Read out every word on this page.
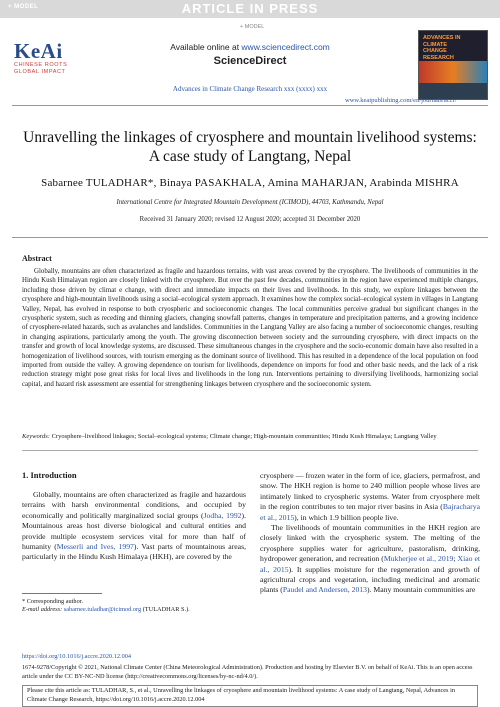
+ MODEL	ARTICLE IN PRESS
+ MODEL
KeAi
CHINESE ROOTS
GLOBAL IMPACT
Available online at www.sciencedirect.com
ScienceDirect
Advances in Climate Change Research xxx (xxxx) xxx
ADVANCES IN
CLIMATE
CHANGE
RESEARCH
www.keaipublishing.com/en/journals/accr/
Unravelling the linkages of cryosphere and mountain livelihood systems: A case study of Langtang, Nepal
Sabarnee TULADHAR*, Binaya PASAKHALA, Amina MAHARJAN, Arabinda MISHRA
International Centre for Integrated Mountain Development (ICIMOD), 44703, Kathmandu, Nepal
Received 31 January 2020; revised 12 August 2020; accepted 31 December 2020
Abstract
Globally, mountains are often characterized as fragile and hazardous terrains, with vast areas covered by the cryosphere. The livelihoods of communities in the Hindu Kush Himalayan region are closely linked with the cryosphere. But over the past few decades, communities in the region have experienced multiple changes, including those driven by climat e change, with direct and immediate impacts on their lives and livelihoods. In this study, we explore linkages between the cryosphere and high-mountain livelihoods using a social–ecological system approach. It examines how the complex social–ecological system in villages in Langtang Valley, Nepal, has evolved in response to both cryospheric and socioeconomic changes. The local communities perceive gradual but significant changes in the cryospheric system, such as receding and thinning glaciers, changing snowfall patterns, changes in temperature and precipitation patterns, and a growing incidence of cryosphere-related hazards, such as avalanches and landslides. Communities in the Langtang Valley are also facing a number of socioeconomic changes, resulting in changing aspirations, particularly among the youth. The growing disconnection between society and the surrounding cryosphere, with direct impacts on the transfer and growth of local knowledge systems, are discussed. These simultaneous changes in the cryosphere and the socio-economic domain have also resulted in a homogenization of livelihood sources, with tourism emerging as the dominant source of livelihood. This has resulted in a dependence of the local population on food imported from outside the valley. A growing dependence on tourism for livelihoods, dependence on imports for food and other basic needs, and the lack of a risk reduction strategy might pose great risks for local lives and livelihoods in the long run. Interventions pertaining to diversifying livelihoods, harmonizing social capital, and hazard risk assessment are essential for strengthening linkages between cryosphere and the socioeconomic system.
Keywords: Cryosphere–livelihood linkages; Social–ecological systems; Climate change; High-mountain communities; Hindu Kush Himalaya; Langtang Valley
1. Introduction
Globally, mountains are often characterized as fragile and hazardous terrains with harsh environmental conditions, and occupied by economically and politically marginalized social groups (Jodha, 1992). Mountainous areas host diverse biological and cultural entities and provide multiple ecosystem services vital for more than half of humanity (Messerli and Ives, 1997). Vast parts of mountainous areas, particularly in the Hindu Kush Himalaya (HKH), are covered by the

cryosphere — frozen water in the form of ice, glaciers, permafrost, and snow. The HKH region is home to 240 million people whose lives are intimately linked to cryospheric systems. Water from cryosphere melt in the region contributes to ten major river basins in Asia (Bajracharya et al., 2015), in which 1.9 billion people live.

The livelihoods of mountain communities in the HKH region are closely linked with the cryospheric system. The melting of the cryosphere supplies water for agriculture, pastoralism, drinking, hydropower generation, and recreation (Mukherjee et al., 2019; Xiao et al., 2015). It supplies moisture for the regeneration and growth of agricultural crops and vegetation, including medicinal and aromatic plants (Paudel and Andersen, 2013). Many mountain communities are

* Corresponding author.
E-mail address: sabarnee.tuladhar@icimod.org (TULADHAR S.).
https://doi.org/10.1016/j.accre.2020.12.004
1674-9278/Copyright © 2021, National Climate Center (China Meteorological Administration). Production and hosting by Elsevier B.V. on behalf of KeAi. This is an open access article under the CC BY-NC-ND license (http://creativecommons.org/licenses/by-nc-nd/4.0/).
Please cite this article as: TULADHAR, S., et al., Unravelling the linkages of cryosphere and mountain livelihood systems: A case study of Langtang, Nepal, Advances in Climate Change Research, https://doi.org/10.1016/j.accre.2020.12.004
